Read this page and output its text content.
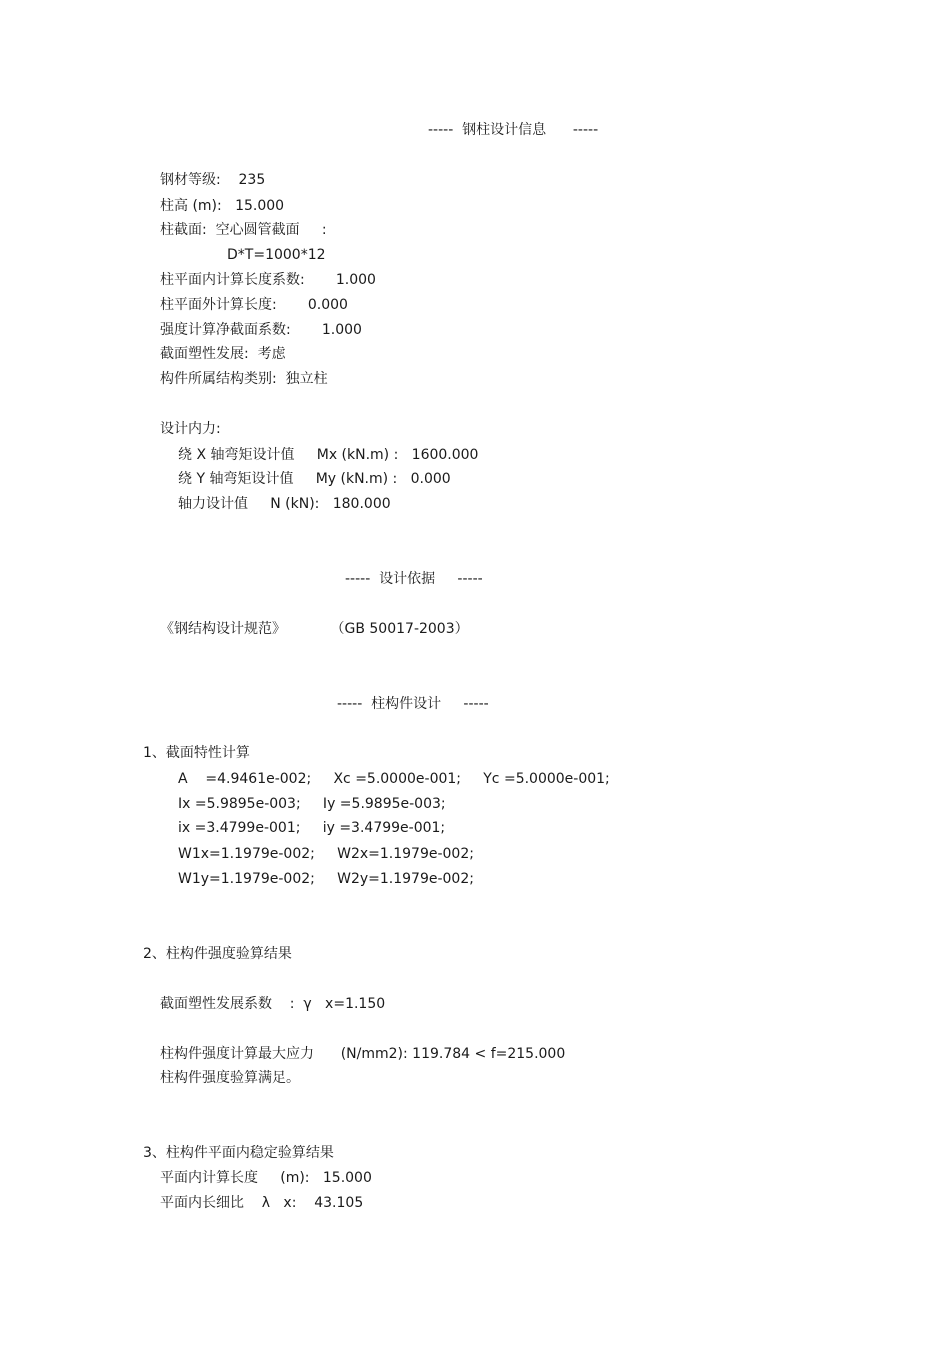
-----  钢柱设计信息      -----
钢材等级:    235
柱高 (m):   15.000
柱截面:  空心圆管截面     :
D*T=1000*12
柱平面内计算长度系数:       1.000
柱平面外计算长度:       0.000
强度计算净截面系数:       1.000
截面塑性发展:  考虑
构件所属结构类别:  独立柱
设计内力:
绕 X 轴弯矩设计值     Mx (kN.m) :   1600.000
绕 Y 轴弯矩设计值     My (kN.m) :   0.000
轴力设计值     N (kN):   180.000
-----  设计依据     -----
《钢结构设计规范》          （GB 50017-2003）
-----  柱构件设计     -----
1、截面特性计算
A    =4.9461e-002;     Xc =5.0000e-001;     Yc =5.0000e-001;
Ix =5.9895e-003;     Iy =5.9895e-003;
ix =3.4799e-001;     iy =3.4799e-001;
W1x=1.1979e-002;     W2x=1.1979e-002;
W1y=1.1979e-002;     W2y=1.1979e-002;
2、柱构件强度验算结果
截面塑性发展系数    :  γ   x=1.150
柱构件强度计算最大应力      (N/mm2): 119.784 < f=215.000
柱构件强度验算满足。
3、柱构件平面内稳定验算结果
平面内计算长度     (m):   15.000
平面内长细比    λ   x:    43.105
